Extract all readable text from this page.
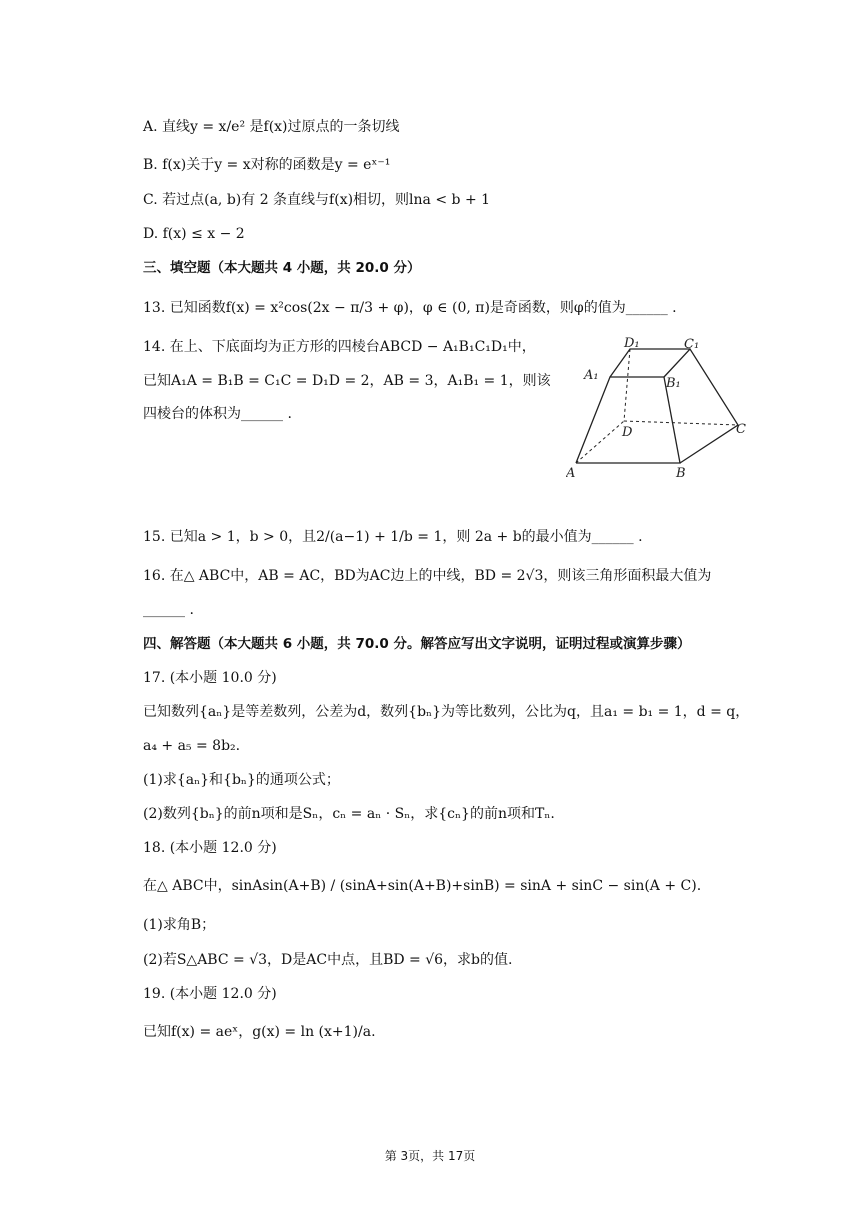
A. 直线y = x/e² 是f(x)过原点的一条切线
B. f(x)关于y = x对称的函数是y = eˣ⁻¹
C. 若过点(a, b)有 2 条直线与f(x)相切，则lna < b + 1
D. f(x) ≤ x − 2
三、填空题（本大题共 4 小题，共 20.0 分）
13. 已知函数f(x) = x²cos(2x − π/3 + φ)，φ ∈ (0, π)是奇函数，则φ的值为______ .
14. 在上、下底面均为正方形的四棱台ABCD − A₁B₁C₁D₁中，
已知A₁A = B₁B = C₁C = D₁D = 2，AB = 3，A₁B₁ = 1，则该
四棱台的体积为______ .
D₁	C₁
A₁
B₁
D	C
A	B
15. 已知a > 1，b > 0，且2/(a−1) + 1/b = 1，则 2a + b的最小值为______ .
16. 在△ ABC中，AB = AC，BD为AC边上的中线，BD = 2√3，则该三角形面积最大值为
______ .
四、解答题（本大题共 6 小题，共 70.0 分。解答应写出文字说明，证明过程或演算步骤）
17. (本小题 10.0 分)
已知数列{aₙ}是等差数列，公差为d，数列{bₙ}为等比数列，公比为q，且a₁ = b₁ = 1，d = q，
a₄ + a₅ = 8b₂.
(1)求{aₙ}和{bₙ}的通项公式；
(2)数列{bₙ}的前n项和是Sₙ，cₙ = aₙ · Sₙ，求{cₙ}的前n项和Tₙ.
18. (本小题 12.0 分)
在△ ABC中，sinAsin(A+B) / (sinA+sin(A+B)+sinB) = sinA + sinC − sin(A + C).
(1)求角B；
(2)若S△ABC = √3，D是AC中点，且BD = √6，求b的值.
19. (本小题 12.0 分)
已知f(x) = aeˣ，g(x) = ln (x+1)/a.
第 3页，共 17页
